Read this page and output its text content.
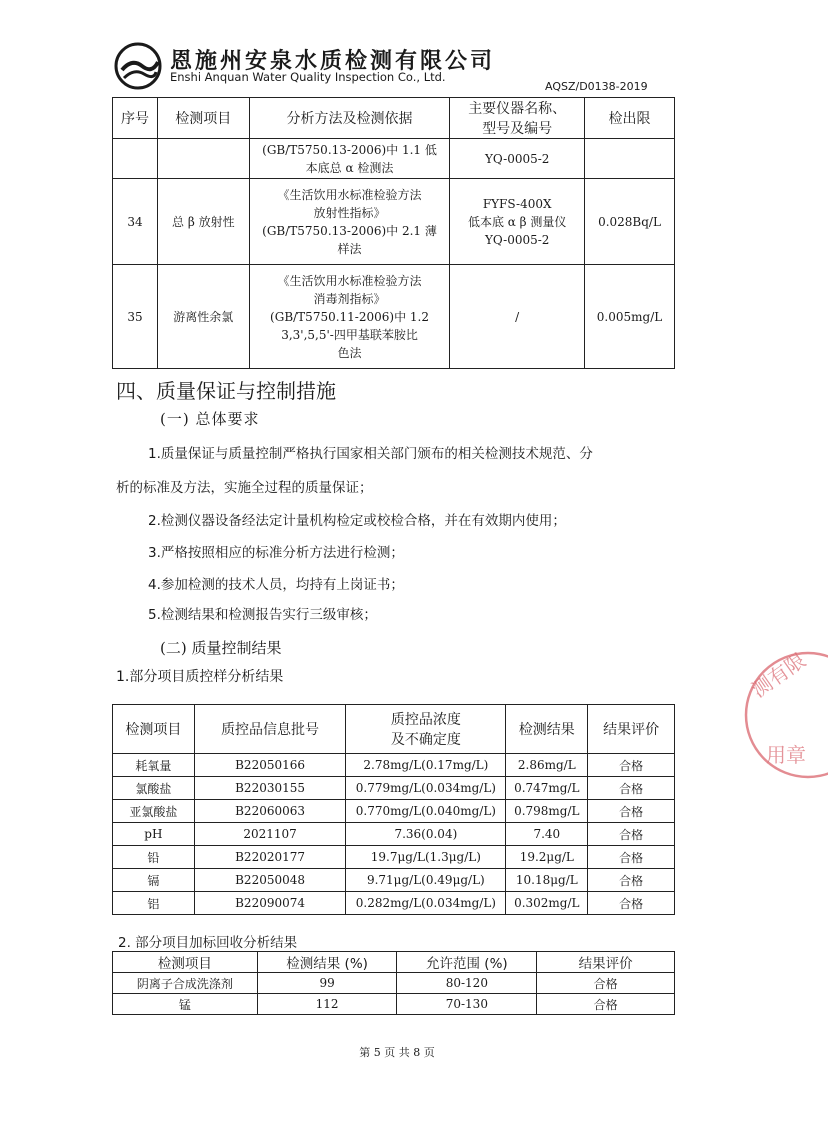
恩施州安泉水质检测有限公司
Enshi Anquan Water Quality Inspection Co., Ltd.
AQSZ/D0138-2019
序号	检测项目	分析方法及检测依据	主要仪器名称、
型号及编号	检出限

		(GB/T5750.13-2006)中 1.1 低
本底总 α 检测法	YQ-0005-2	

34	总 β 放射性	《生活饮用水标准检验方法
放射性指标》
(GB/T5750.13-2006)中 2.1 薄
样法	FYFS-400X
低本底 α β 测量仪
YQ-0005-2	0.028Bq/L

35	游离性余氯	《生活饮用水标准检验方法
消毒剂指标》
(GB/T5750.11-2006)中 1.2
3,3',5,5'-四甲基联苯胺比
色法	/	0.005mg/L
四、质量保证与控制措施
(一) 总体要求
1.质量保证与质量控制严格执行国家相关部门颁布的相关检测技术规范、分
析的标准及方法，实施全过程的质量保证；
2.检测仪器设备经法定计量机构检定或校检合格，并在有效期内使用；
3.严格按照相应的标准分析方法进行检测；
4.参加检测的技术人员，均持有上岗证书；
5.检测结果和检测报告实行三级审核；
(二) 质量控制结果
1.部分项目质控样分析结果
检测项目	质控品信息批号	质控品浓度
及不确定度	检测结果	结果评价

耗氧量	B22050166	2.78mg/L(0.17mg/L)	2.86mg/L	合格
氯酸盐	B22030155	0.779mg/L(0.034mg/L)	0.747mg/L	合格
亚氯酸盐	B22060063	0.770mg/L(0.040mg/L)	0.798mg/L	合格
pH	2021107	7.36(0.04)	7.40	合格
铅	B22020177	19.7μg/L(1.3μg/L)	19.2μg/L	合格
镉	B22050048	9.71μg/L(0.49μg/L)	10.18μg/L	合格
铝	B22090074	0.282mg/L(0.034mg/L)	0.302mg/L	合格
2. 部分项目加标回收分析结果
检测项目	检测结果 (%)	允许范围 (%)	结果评价
阴离子合成洗涤剂	99	80-120	合格
锰	112	70-130	合格
测有限
用章
第 5 页 共 8 页
